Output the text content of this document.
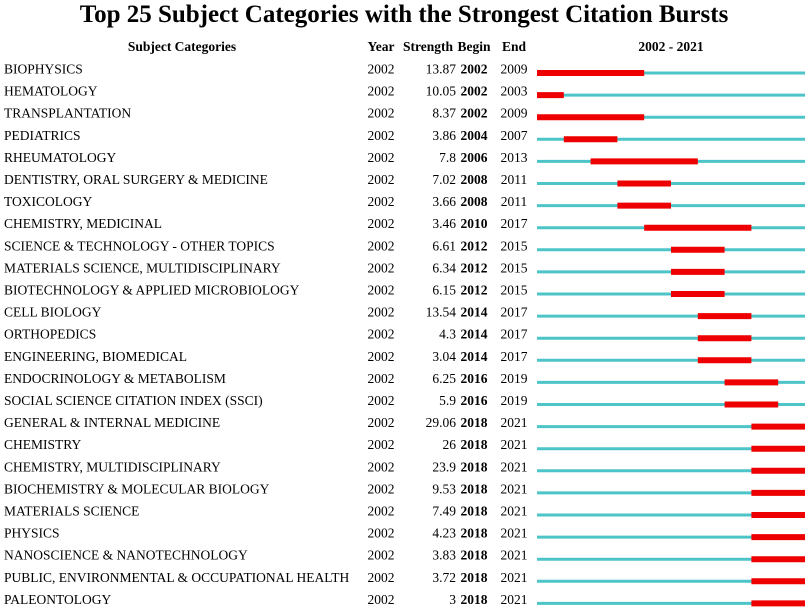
Top 25 Subject Categories with the Strongest Citation Bursts
Subject Categories	Year Strength Begin End	2002 - 2021
BIOPHYSICS	2002 13.87 2002 2009
HEMATOLOGY	2002 10.05 2002 2003
TRANSPLANTATION	2002	8.37 2002 2009
PEDIATRICS	2002	3.86 2004 2007
RHEUMATOLOGY	2002	7.8 2006 2013
DENTISTRY, ORAL SURGERY & MEDICINE	2002	7.02 2008 2011
TOXICOLOGY	2002	3.66 2008 2011
CHEMISTRY, MEDICINAL	2002	3.46 2010 2017
SCIENCE & TECHNOLOGY - OTHER TOPICS	2002	6.61 2012 2015
MATERIALS SCIENCE, MULTIDISCIPLINARY	2002	6.34 2012 2015
BIOTECHNOLOGY & APPLIED MICROBIOLOGY	2002	6.15 2012 2015
CELL BIOLOGY	2002 13.54 2014 2017
ORTHOPEDICS	2002	4.3 2014 2017
ENGINEERING, BIOMEDICAL	2002	3.04 2014 2017
ENDOCRINOLOGY & METABOLISM	2002	6.25 2016 2019
SOCIAL SCIENCE CITATION INDEX (SSCI)	2002	5.9 2016 2019
GENERAL & INTERNAL MEDICINE	2002 29.06 2018 2021
CHEMISTRY	2002	26 2018 2021
CHEMISTRY, MULTIDISCIPLINARY	2002	23.9 2018 2021
BIOCHEMISTRY & MOLECULAR BIOLOGY	2002	9.53 2018 2021
MATERIALS SCIENCE	2002	7.49 2018 2021
PHYSICS	2002	4.23 2018 2021
NANOSCIENCE & NANOTECHNOLOGY	2002	3.83 2018 2021
PUBLIC, ENVIRONMENTAL & OCCUPATIONAL HEALTH 2002	3.72 2018 2021
PALEONTOLOGY	2002	3 2018 2021
